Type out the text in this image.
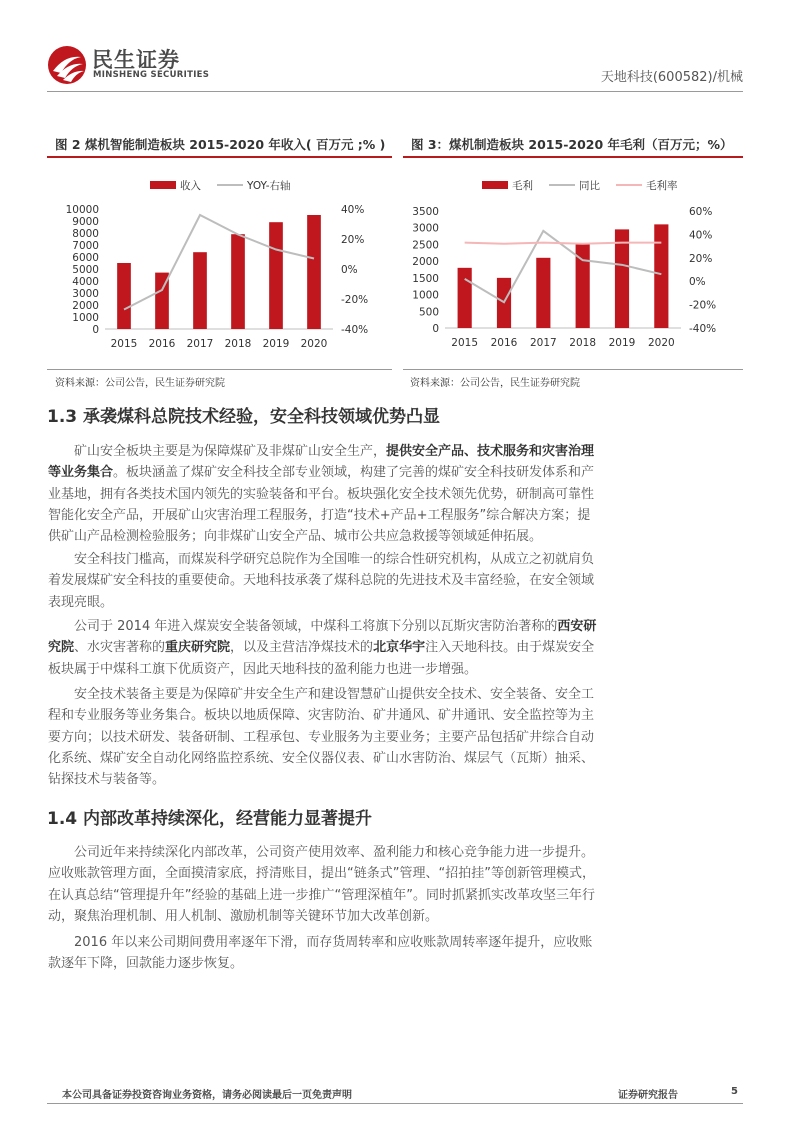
民生证券
MINSHENG SECURITIES	天地科技(600582)/机械
图 2 煤机智能制造板块 2015-2020 年收入( 百万元 ;% ) 图 3：煤机制造板块 2015-2020 年毛利（百万元；%）
收入	YOY-右轴
0
1000
2000
3000
4000
5000
6000
7000
8000
9000
10000
-40%
-20%
0%
20%
40%
2015 2016 2017 2018 2019 2020
毛利	同比	毛利率
0
500
1000
1500
2000
2500
3000
3500
-40%
-20%
0%
20%
40%
60%
2015 2016 2017 2018 2019 2020
资料来源：公司公告，民生证券研究院	资料来源：公司公告，民生证券研究院
1.3 承袭煤科总院技术经验，安全科技领域优势凸显

矿山安全板块主要是为保障煤矿及非煤矿山安全生产，提供安全产品、技术服务和灾害治理等业务集合。板块涵盖了煤矿安全科技全部专业领域，构建了完善的煤矿安全科技研发体系和产业基地，拥有各类技术国内领先的实验装备和平台。板块强化安全技术领先优势，研制高可靠性智能化安全产品，开展矿山灾害治理工程服务，打造“技术+产品+工程服务”综合解决方案；提供矿山产品检测检验服务；向非煤矿山安全产品、城市公共应急救援等领域延伸拓展。

安全科技门槛高，而煤炭科学研究总院作为全国唯一的综合性研究机构，从成立之初就肩负着发展煤矿安全科技的重要使命。天地科技承袭了煤科总院的先进技术及丰富经验，在安全领域表现亮眼。

公司于 2014 年进入煤炭安全装备领域，中煤科工将旗下分别以瓦斯灾害防治著称的西安研究院、水灾害著称的重庆研究院，以及主营洁净煤技术的北京华宇注入天地科技。由于煤炭安全板块属于中煤科工旗下优质资产，因此天地科技的盈利能力也进一步增强。

安全技术装备主要是为保障矿井安全生产和建设智慧矿山提供安全技术、安全装备、安全工程和专业服务等业务集合。板块以地质保障、灾害防治、矿井通风、矿井通讯、安全监控等为主要方向；以技术研发、装备研制、工程承包、专业服务为主要业务；主要产品包括矿井综合自动化系统、煤矿安全自动化网络监控系统、安全仪器仪表、矿山水害防治、煤层气（瓦斯）抽采、钻探技术与装备等。

1.4 内部改革持续深化，经营能力显著提升

公司近年来持续深化内部改革，公司资产使用效率、盈利能力和核心竞争能力进一步提升。应收账款管理方面，全面摸清家底，捋清账目，提出“链条式”管理、“招拍挂”等创新管理模式，在认真总结“管理提升年”经验的基础上进一步推广“管理深植年”。同时抓紧抓实改革攻坚三年行动，聚焦治理机制、用人机制、激励机制等关键环节加大改革创新。

2016 年以来公司期间费用率逐年下滑，而存货周转率和应收账款周转率逐年提升，应收账款逐年下降，回款能力逐步恢复。

本公司具备证券投资咨询业务资格，请务必阅读最后一页免责声明	证券研究报告	5
